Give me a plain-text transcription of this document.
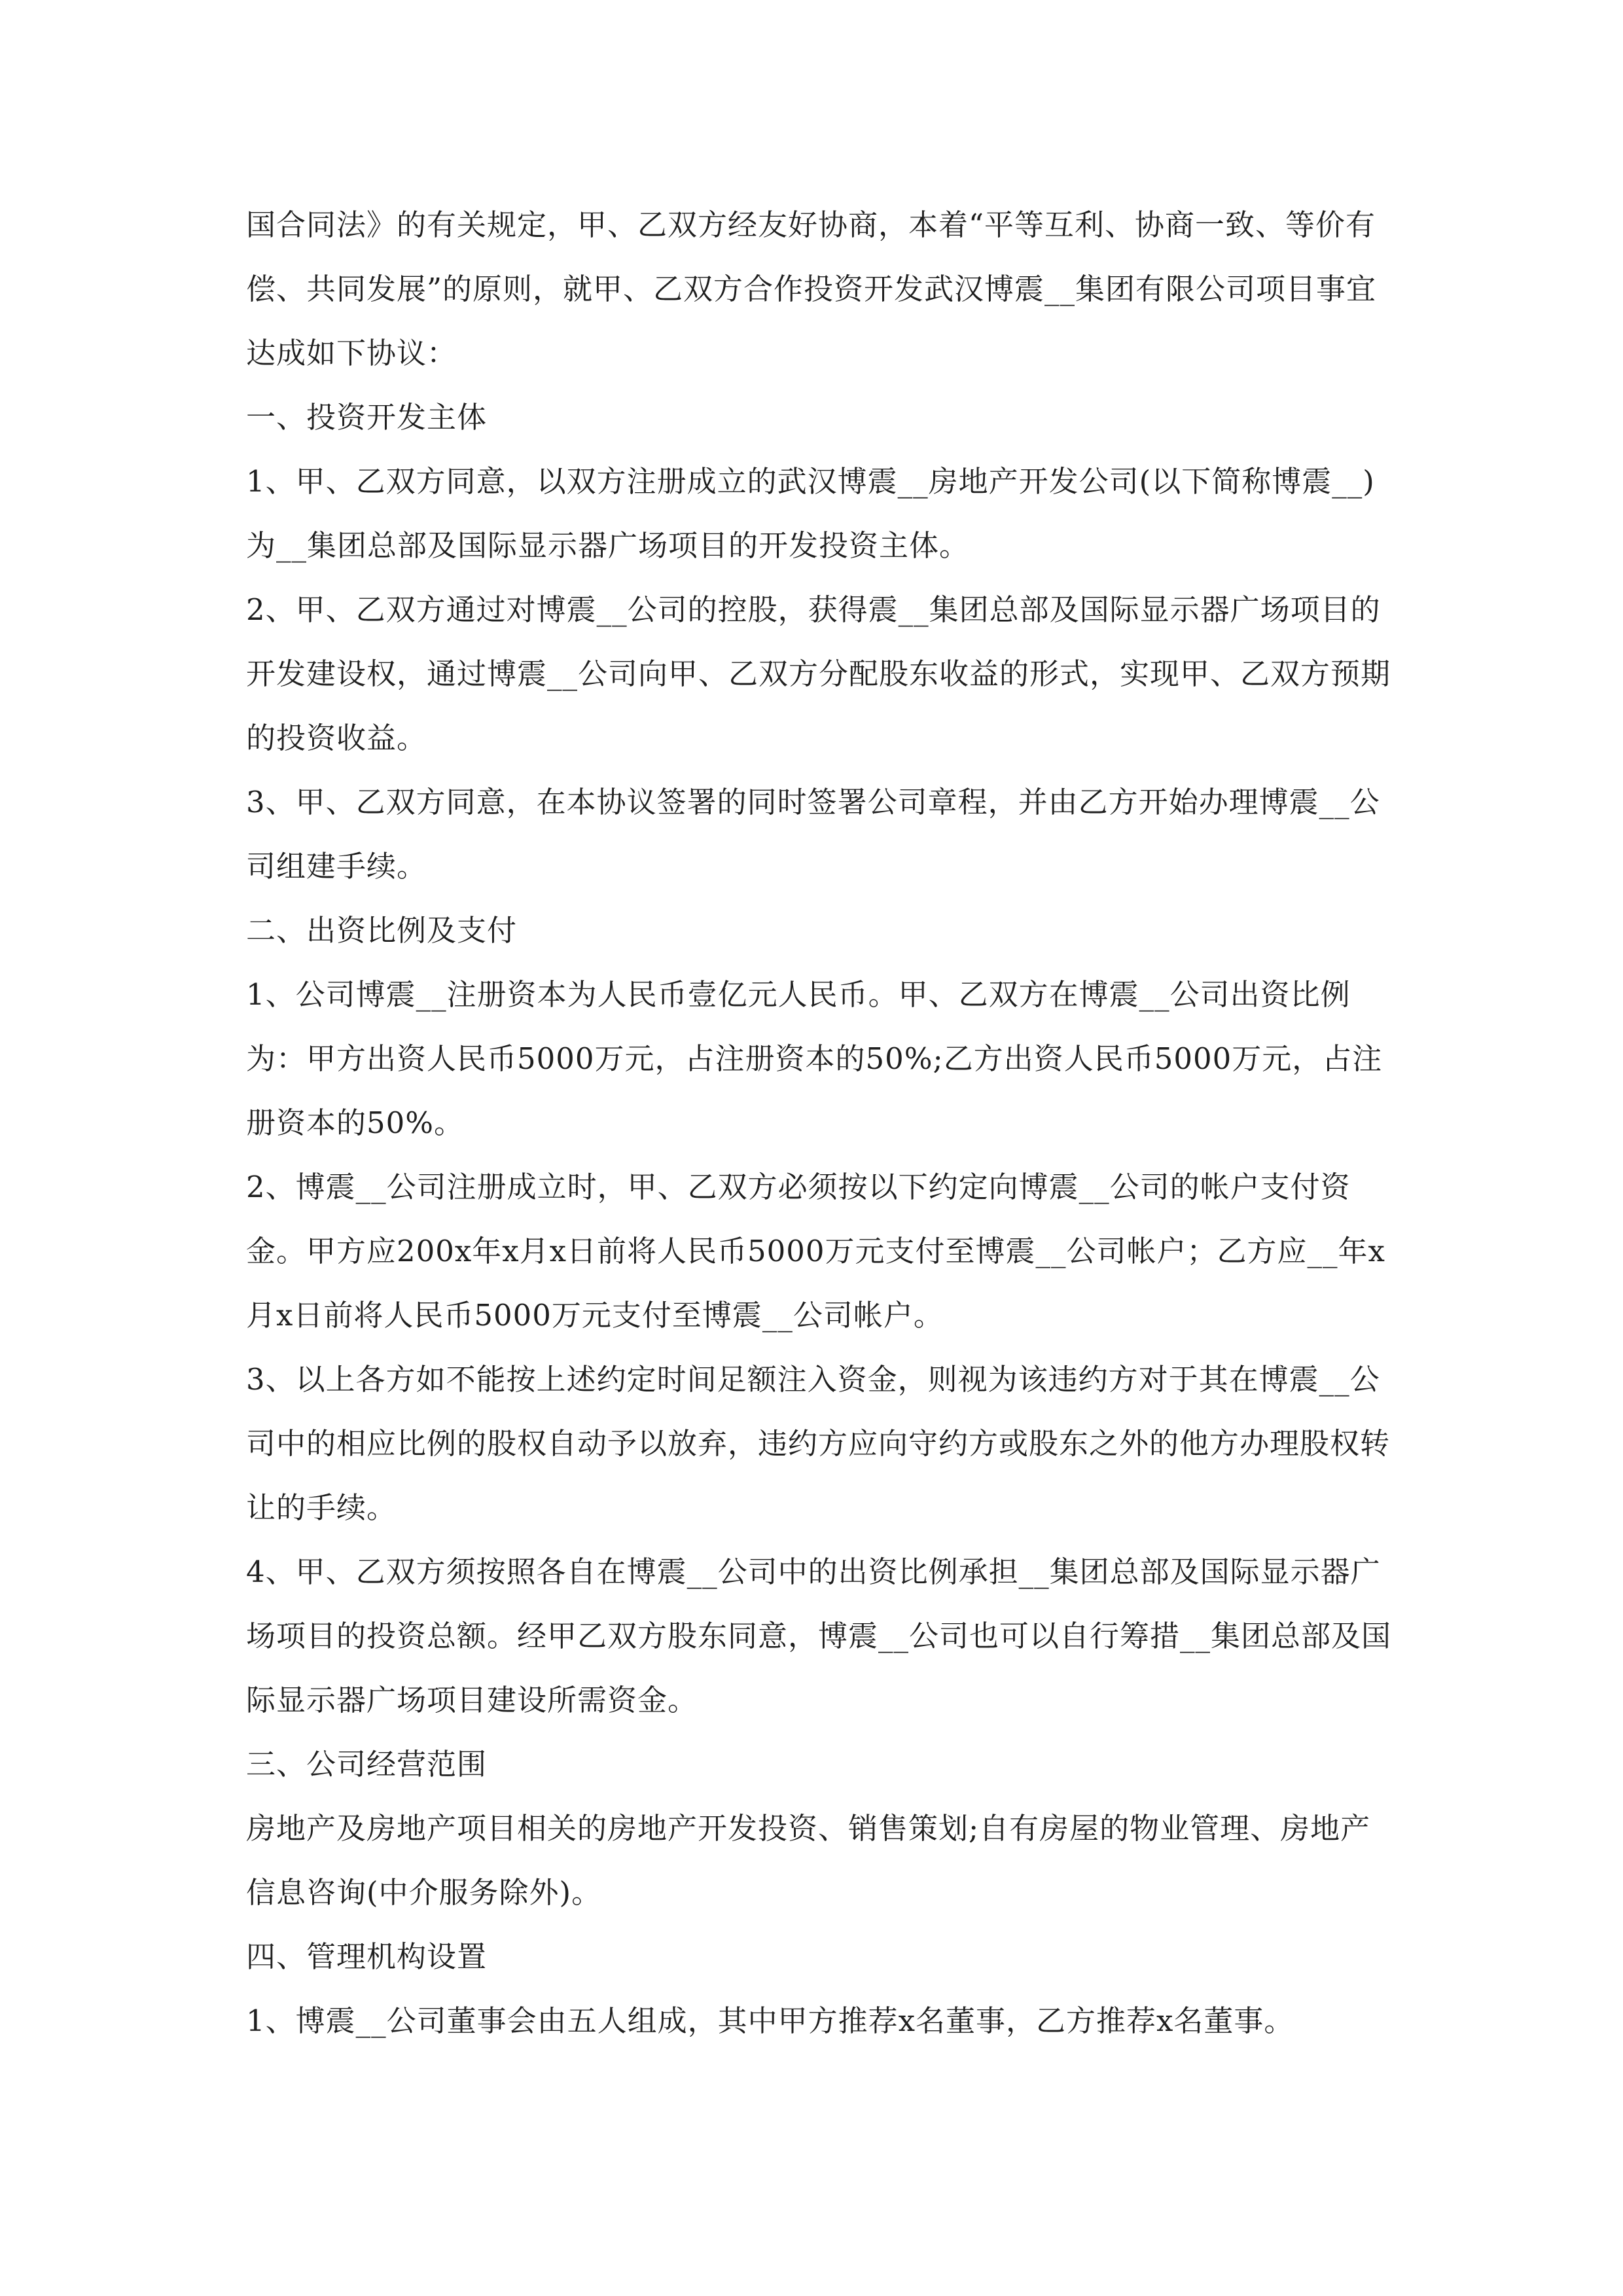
国合同法》的有关规定，甲、乙双方经友好协商，本着“平等互利、协商一致、等价有偿、共同发展”的原则，就甲、乙双方合作投资开发武汉博震__集团有限公司项目事宜达成如下协议：

一、投资开发主体

1、甲、乙双方同意，以双方注册成立的武汉博震__房地产开发公司(以下简称博震__)为__集团总部及国际显示器广场项目的开发投资主体。

2、甲、乙双方通过对博震__公司的控股，获得震__集团总部及国际显示器广场项目的开发建设权，通过博震__公司向甲、乙双方分配股东收益的形式，实现甲、乙双方预期的投资收益。

3、甲、乙双方同意，在本协议签署的同时签署公司章程，并由乙方开始办理博震__公司组建手续。

二、出资比例及支付

1、公司博震__注册资本为人民币壹亿元人民币。甲、乙双方在博震__公司出资比例为：甲方出资人民币5000万元，占注册资本的50%;乙方出资人民币5000万元，占注册资本的50%。

2、博震__公司注册成立时，甲、乙双方必须按以下约定向博震__公司的帐户支付资金。甲方应200x年x月x日前将人民币5000万元支付至博震__公司帐户；乙方应__年x月x日前将人民币5000万元支付至博震__公司帐户。

3、以上各方如不能按上述约定时间足额注入资金，则视为该违约方对于其在博震__公司中的相应比例的股权自动予以放弃，违约方应向守约方或股东之外的他方办理股权转让的手续。

4、甲、乙双方须按照各自在博震__公司中的出资比例承担__集团总部及国际显示器广场项目的投资总额。经甲乙双方股东同意，博震__公司也可以自行筹措__集团总部及国际显示器广场项目建设所需资金。

三、公司经营范围

房地产及房地产项目相关的房地产开发投资、销售策划;自有房屋的物业管理、房地产信息咨询(中介服务除外)。

四、管理机构设置

1、博震__公司董事会由五人组成，其中甲方推荐x名董事，乙方推荐x名董事。
